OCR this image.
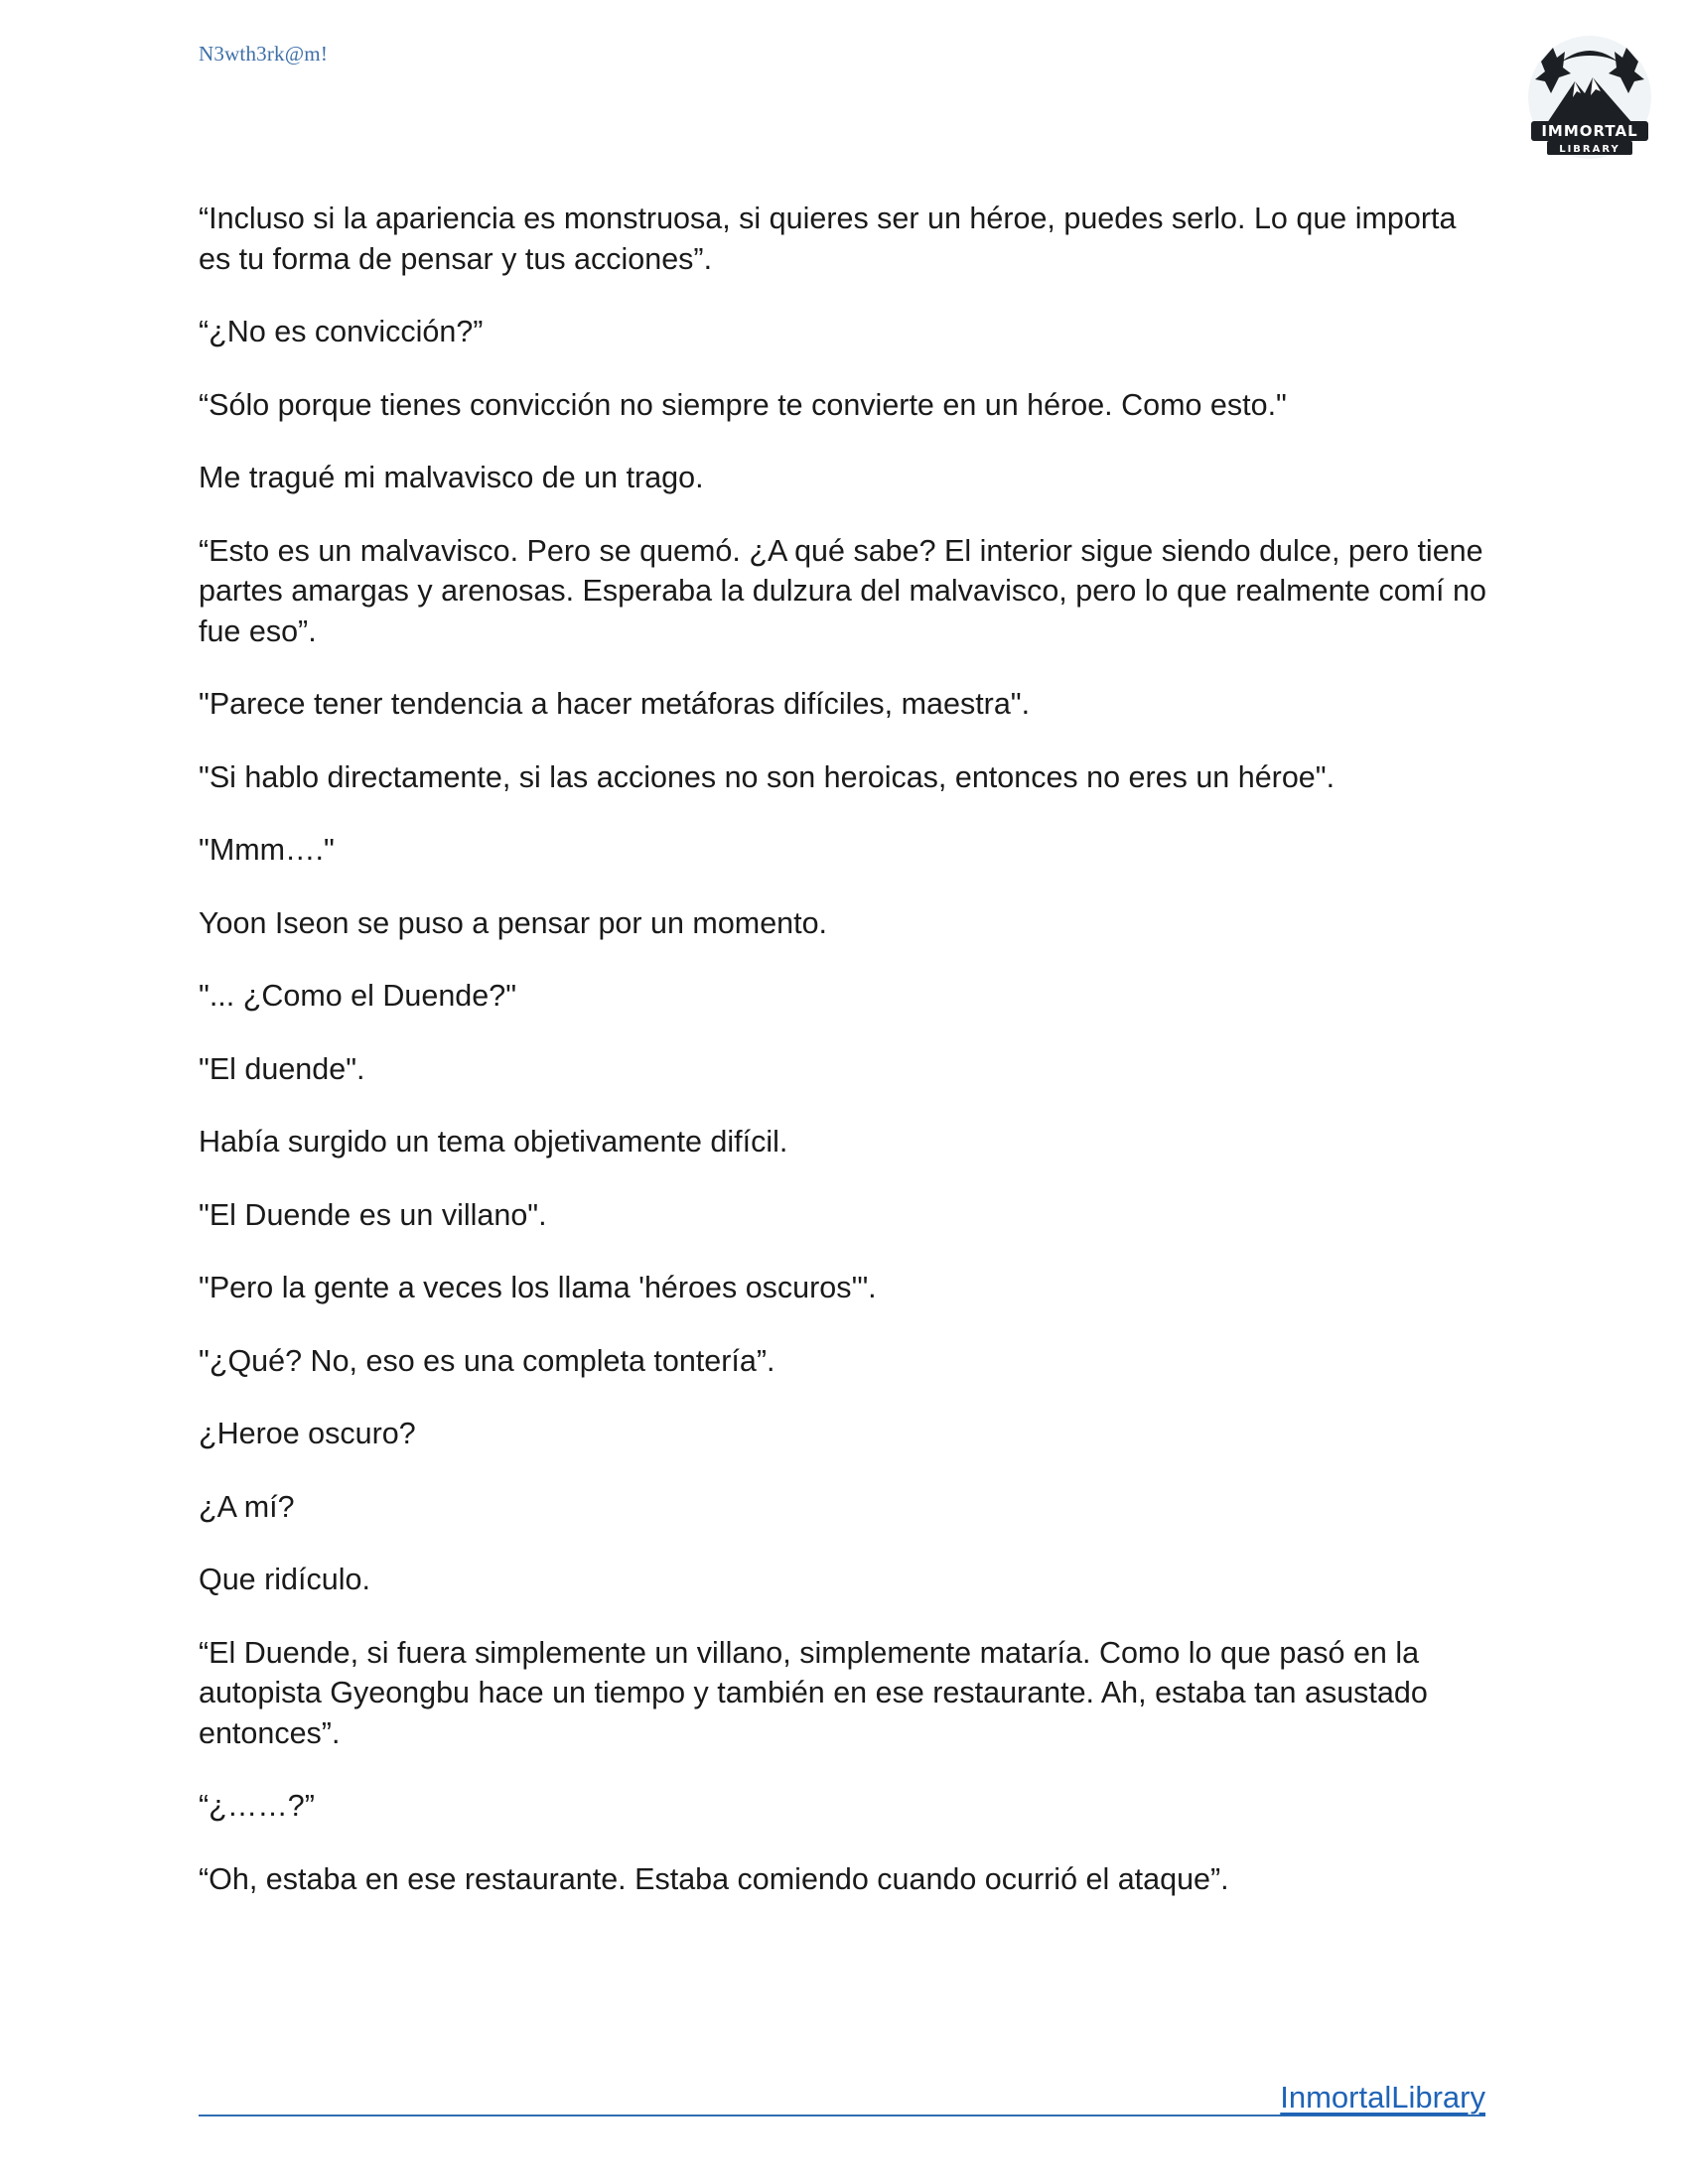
N3wth3rk@m!
IMMORTAL
LIBRARY

“Incluso si la apariencia es monstruosa, si quieres ser un héroe, puedes serlo. Lo que importa es tu forma de pensar y tus acciones”.

“¿No es convicción?”

“Sólo porque tienes convicción no siempre te convierte en un héroe. Como esto."

Me tragué mi malvavisco de un trago.

“Esto es un malvavisco. Pero se quemó. ¿A qué sabe? El interior sigue siendo dulce, pero tiene partes amargas y arenosas. Esperaba la dulzura del malvavisco, pero lo que realmente comí no fue eso”.

"Parece tener tendencia a hacer metáforas difíciles, maestra".

"Si hablo directamente, si las acciones no son heroicas, entonces no eres un héroe".

"Mmm…."

Yoon Iseon se puso a pensar por un momento.

"... ¿Como el Duende?"

"El duende".

Había surgido un tema objetivamente difícil.

"El Duende es un villano".

"Pero la gente a veces los llama 'héroes oscuros'".

"¿Qué? No, eso es una completa tontería”.

¿Heroe oscuro?

¿A mí?

Que ridículo.

“El Duende, si fuera simplemente un villano, simplemente mataría. Como lo que pasó en la autopista Gyeongbu hace un tiempo y también en ese restaurante. Ah, estaba tan asustado entonces”.

“¿……?”

“Oh, estaba en ese restaurante. Estaba comiendo cuando ocurrió el ataque”.

InmortalLibrary
